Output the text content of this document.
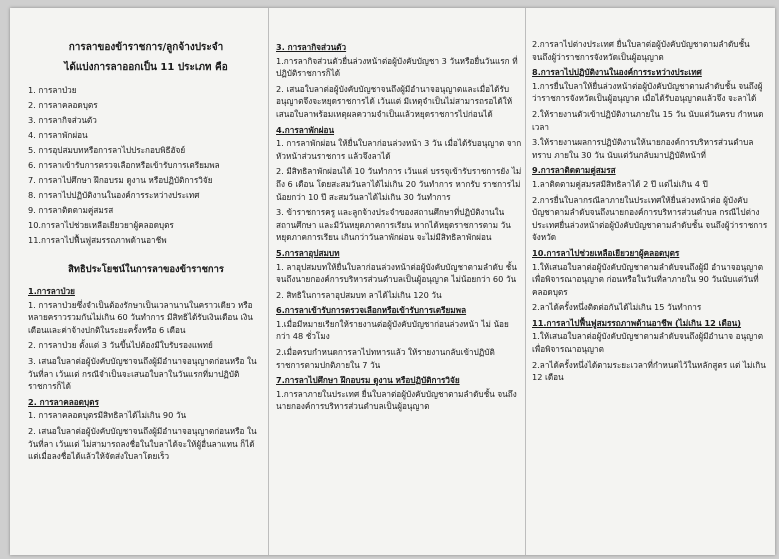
การลาของข้าราชการ/ลูกจ้างประจำ
ได้แบ่งการลาออกเป็น 11 ประเภท คือ
1. การลาป่วย
2. การลาคลอดบุตร
3. การลากิจส่วนตัว
4. การลาพักผ่อน
5. การอุปสมบทหรือการลาไปประกอบพิธีฮัจย์
6. การลาเข้ารับการตรวจเลือกหรือเข้ารับการเตรียมพล
7. การลาไปศึกษา ฝึกอบรม ดูงาน หรือปฏิบัติการวิจัย
8. การลาไปปฏิบัติงานในองค์การระหว่างประเทศ
9. การลาติดตามคู่สมรส
10.การลาไปช่วยเหลือเยียวยาผู้คลอดบุตร
11.การลาไปฟื้นฟูสมรรถภาพด้านอาชีพ
สิทธิประโยชน์ในการลาของข้าราชการ
1.การลาป่วย
1. การลาป่วยซึ่งจำเป็นต้องรักษาเป็นเวลานานในคราวเดียว หรือหลายคราวรวมกันไม่เกิน 60 วันทำการ มีสิทธิได้รับเงินเดือน เงินเดือนและค่าจ้างปกติในระยะครั้งหรือ 6 เดือน
2. การลาป่วย ตั้งแต่ 3 วันขึ้นไปต้องมีใบรับรองแพทย์
3. เสนอใบลาต่อผู้บังคับบัญชาจนถึงผู้มีอำนาจอนุญาตก่อนหรือ ในวันที่ลา เว้นแต่ กรณีจำเป็นจะเสนอใบลาในวันแรกที่มาปฏิบัติ ราชการก็ได้
2. การลาคลอดบุตร
1. การลาคลอดบุตรมีสิทธิลาได้ไม่เกิน 90 วัน
2. เสนอใบลาต่อผู้บังคับบัญชาจนถึงผู้มีอำนาจอนุญาตก่อนหรือ ในวันที่ลา เว้นแต่ ไม่สามารถลงชื่อในใบลาได้จะให้ผู้อื่นลาแทน ก็ได้ แต่เมื่อลงชื่อได้แล้วให้จัดส่งใบลาโดยเร็ว
3. การลากิจส่วนตัว
1.การลากิจส่วนตัวยื่นล่วงหน้าต่อผู้บังคับบัญชา 3 วันหรือยื่นวันแรก ที่ปฏิบัติราชการก็ได้
2. เสนอใบลาต่อผู้บังคับบัญชาจนถึงผู้มีอำนาจอนุญาตและเมื่อได้รับ อนุญาตจึงจะหยุดราชการได้ เว้นแต่ มีเหตุจำเป็นไม่สามารถรอได้ให้ เสนอใบลาพร้อมเหตุผลความจำเป็นแล้วหยุดราชการไปก่อนได้
4.การลาพักผ่อน
1. การลาพักผ่อน ให้ยื่นใบลาก่อนล่วงหน้า 3 วัน เมื่อได้รับอนุญาต จากหัวหน้าส่วนราชการ แล้วจึงลาได้
2. มีสิทธิลาพักผ่อนได้ 10 วันทำการ เว้นแต่ บรรจุเข้ารับราชการยัง ไม่ถึง 6 เดือน โดยสะสมวันลาได้ไม่เกิน 20 วันทำการ หากรับ ราชการไม่น้อยกว่า 10 ปี สะสมวันลาได้ไม่เกิน 30 วันทำการ
3. ข้าราชการครู และลูกจ้างประจำของสถานศึกษาที่ปฏิบัติงานใน สถานศึกษา และมีวันหยุดภาคการเรียน หากได้หยุดราชการตาม วันหยุดภาคการเรียน เกินกว่าวันลาพักผ่อน จะไม่มีสิทธิลาพักผ่อน
5.การลาอุปสมบท
1. ลาอุปสมบทให้ยื่นใบลาก่อนล่วงหน้าต่อผู้บังคับบัญชาตามลำดับ ชั้น จนถึงนายกองค์การบริหารส่วนตำบลเป็นผู้อนุญาต ไม่น้อยกว่า 60 วัน
2. สิทธิในการลาอุปสมบท ลาได้ไม่เกิน 120 วัน
6.การลาเข้ารับการตรวจเลือกหรือเข้ารับการเตรียมพล
1.เมื่อมีหมายเรียกให้รายงานต่อผู้บังคับบัญชาก่อนล่วงหน้า ไม่ น้อยกว่า 48 ชั่วโมง
2.เมื่อครบกำหนดการลาไปทหารแล้ว ให้รายงานกลับเข้าปฏิบัติ ราชการตามปกติภายใน 7 วัน
7.การลาไปศึกษา ฝึกอบรม ดูงาน หรือปฏิบัติการวิจัย
1.การลาภายในประเทศ ยื่นใบลาต่อผู้บังคับบัญชาตามลำดับชั้น จนถึงนายกองค์การบริหารส่วนตำบลเป็นผู้อนุญาต
2.การลาไปต่างประเทศ ยื่นใบลาต่อผู้บังคับบัญชาตามลำดับชั้น จนถึงผู้ว่าราชการจังหวัดเป็นผู้อนุญาต
8.การลาไปปฏิบัติงานในองค์การระหว่างประเทศ
1.การยื่นใบลาให้ยื่นล่วงหน้าต่อผู้บังคับบัญชาตามลำดับชั้น จนถึงผู้ว่าราชการจังหวัดเป็นผู้อนุญาต เมื่อได้รับอนุญาตแล้วจึง จะลาได้
2.ให้รายงานตัวเข้าปฏิบัติงานภายใน 15 วัน นับแต่วันครบ กำหนดเวลา
3.ให้รายงานผลการปฏิบัติงานให้นายกองค์การบริหารส่วนตำบล ทราบ ภายใน 30 วัน นับแต่วันกลับมาปฏิบัติหน้าที่
9.การลาติดตามคู่สมรส
1.ลาติดตามคู่สมรสมีสิทธิลาได้ 2 ปี แต่ไม่เกิน 4 ปี
2.การยื่นใบลากรณีลาภายในประเทศให้ยื่นล่วงหน้าต่อ ผู้บังคับบัญชาตามลำดับจนถึงนายกองค์การบริหารส่วนตำบล กรณีไปต่างประเทศยื่นล่วงหน้าต่อผู้บังคับบัญชาตามลำดับชั้น จนถึงผู้ว่าราชการจังหวัด
10.การลาไปช่วยเหลือเยียวยาผู้คลอดบุตร
1.ให้เสนอใบลาต่อผู้บังคับบัญชาตามลำดับจนถึงผู้มี อำนาจอนุญาตเพื่อพิจารณาอนุญาต ก่อนหรือในวันที่ลาภายใน 90 วันนับแต่วันที่คลอดบุตร
2.ลาได้ครั้งหนึ่งติดต่อกันได้ไม่เกิน 15 วันทำการ
11.การลาไปฟื้นฟูสมรรถภาพด้านอาชีพ (ไม่เกิน 12 เดือน)
1.ให้เสนอใบลาต่อผู้บังคับบัญชาตามลำดับจนถึงผู้มีอำนาจ อนุญาตเพื่อพิจารณาอนุญาต
2.ลาได้ครั้งหนึ่งได้ตามระยะเวลาที่กำหนดไว้ในหลักสูตร แต่ ไม่เกิน 12 เดือน
